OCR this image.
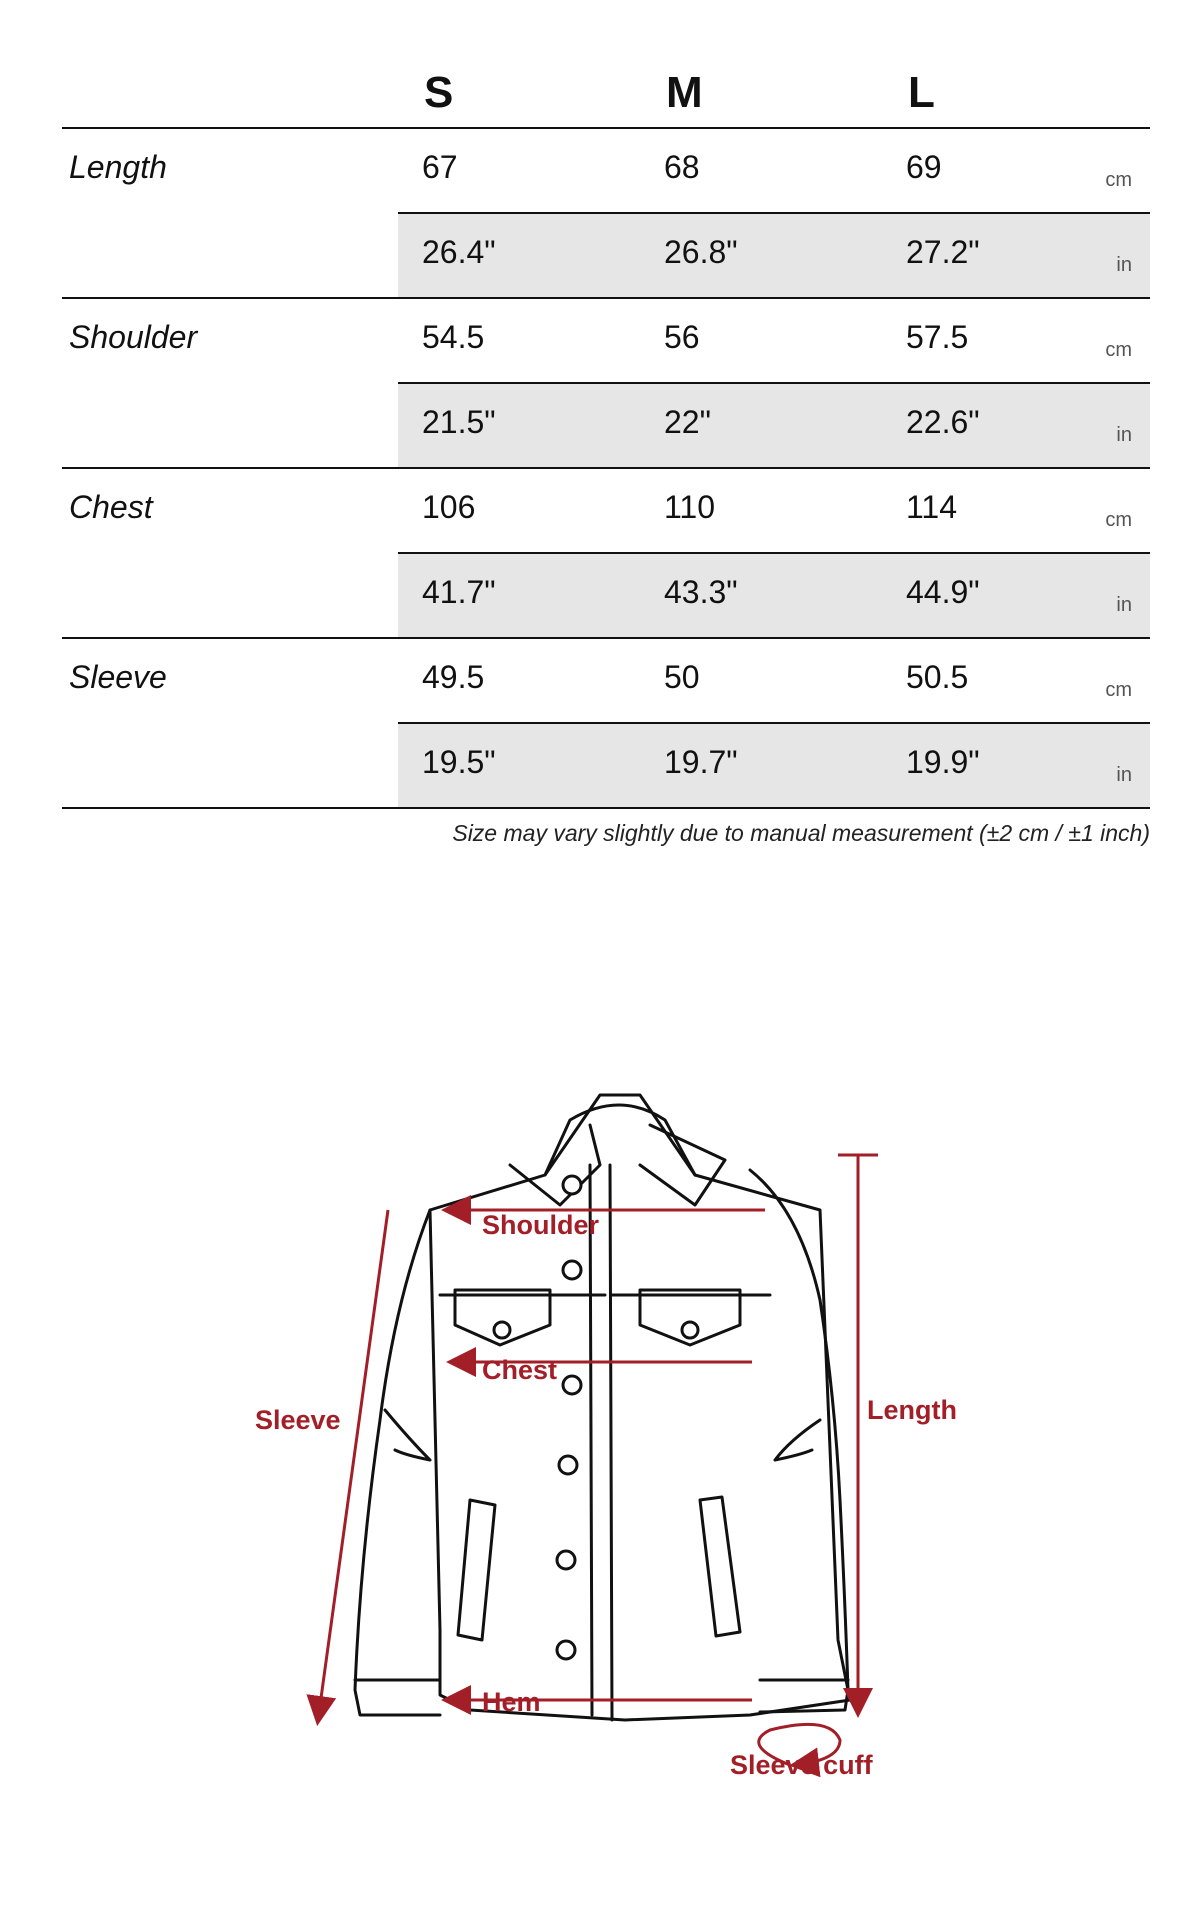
S	M	L
Length	67	68	69	cm
26.4"	26.8"	27.2"	in
Shoulder	54.5	56	57.5	cm
21.5"	22"	22.6"	in
Chest	106	110	114	cm
41.7"	43.3"	44.9"	in
Sleeve	49.5	50	50.5	cm
19.5"	19.7"	19.9"	in
Size may vary slightly due to manual measurement (±2 cm / ±1 inch)
Shoulder
Chest
Sleeve	Length
Hem
Sleeve cuff
